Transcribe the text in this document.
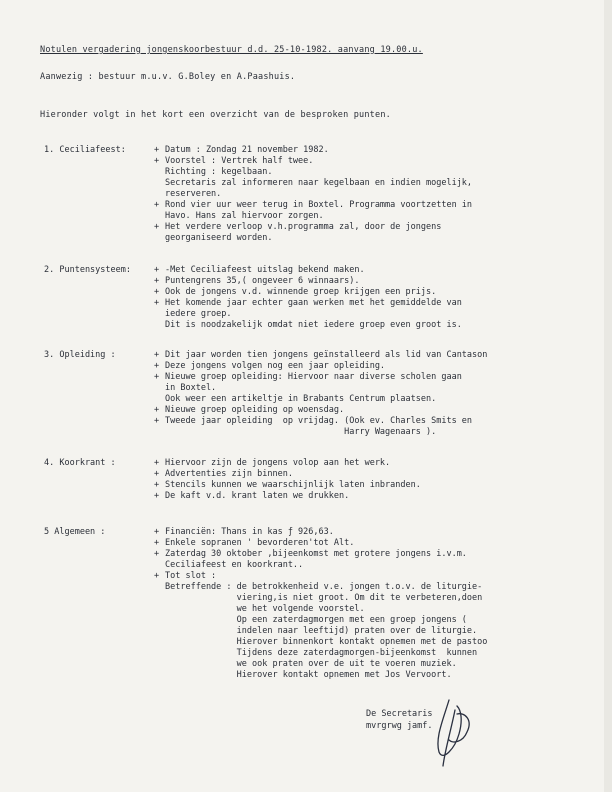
Notulen vergadering jongenskoorbestuur d.d. 25-10-1982. aanvang 19.00.u.
Aanwezig : bestuur m.u.v. G.Boley en A.Paashuis.
Hieronder volgt in het kort een overzicht van de besproken punten.
1. Ceciliafeest:	+ Datum : Zondag 21 november 1982.
+ Voorstel : Vertrek half twee.
Richting : kegelbaan.
Secretaris zal informeren naar kegelbaan en indien mogelijk,
reserveren.
+ Rond vier uur weer terug in Boxtel. Programma voortzetten in
Havo. Hans zal hiervoor zorgen.
+ Het verdere verloop v.h.programma zal, door de jongens
georganiseerd worden.
2. Puntensysteem:	+ -Met Ceciliafeest uitslag bekend maken.
+ Puntengrens 35,( ongeveer 6 winnaars).
+ Ook de jongens v.d. winnende groep krijgen een prijs.
+ Het komende jaar echter gaan werken met het gemiddelde van
iedere groep.
Dit is noodzakelijk omdat niet iedere groep even groot is.
3. Opleiding :	+ Dit jaar worden tien jongens geïnstalleerd als lid van Cantason
+ Deze jongens volgen nog een jaar opleiding.
+ Nieuwe groep opleiding: Hiervoor naar diverse scholen gaan
in Boxtel.
Ook weer een artikeltje in Brabants Centrum plaatsen.
+ Nieuwe groep opleiding op woensdag.
+ Tweede jaar opleiding  op vrijdag. (Ook ev. Charles Smits en
Harry Wagenaars ).
4. Koorkrant :	+ Hiervoor zijn de jongens volop aan het werk.
+ Advertenties zijn binnen.
+ Stencils kunnen we waarschijnlijk laten inbranden.
+ De kaft v.d. krant laten we drukken.
5 Algemeen :	+ Financiën: Thans in kas ƒ 926,63.
+ Enkele sopranen ' bevorderen'tot Alt.
+ Zaterdag 30 oktober ,bijeenkomst met grotere jongens i.v.m.
Ceciliafeest en koorkrant..
+ Tot slot :
Betreffende : de betrokkenheid v.e. jongen t.o.v. de liturgie-
viering,is niet groot. Om dit te verbeteren,doen
we het volgende voorstel.
Op een zaterdagmorgen met een groep jongens (
indelen naar leeftijd) praten over de liturgie.
Hierover binnenkort kontakt opnemen met de pastoo
Tijdens deze zaterdagmorgen-bijeenkomst  kunnen
we ook praten over de uit te voeren muziek.
Hierover kontakt opnemen met Jos Vervoort.
De Secretaris
mvrgrwg jamf.
